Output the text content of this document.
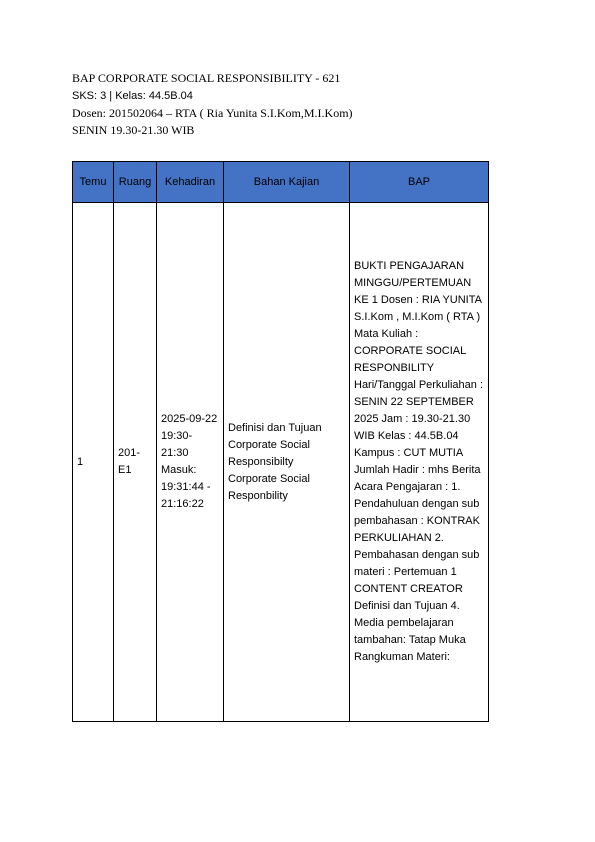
BAP CORPORATE SOCIAL RESPONSIBILITY - 621
SKS: 3 | Kelas: 44.5B.04
Dosen: 201502064 – RTA ( Ria Yunita S.I.Kom,M.I.Kom)
SENIN 19.30-21.30 WIB
Temu	Ruang	Kehadiran	Bahan Kajian	BAP
1	201-E1	2025-09-22 19:30-21:30 Masuk: 19:31:44 - 21:16:22	Definisi dan Tujuan Corporate Social Responsibilty Corporate Social Responbility	BUKTI PENGAJARAN MINGGU/PERTEMUAN KE 1 Dosen : RIA YUNITA S.I.Kom , M.I.Kom ( RTA ) Mata Kuliah : CORPORATE SOCIAL RESPONBILITY Hari/Tanggal Perkuliahan : SENIN 22 SEPTEMBER 2025 Jam : 19.30-21.30 WIB Kelas : 44.5B.04 Kampus : CUT MUTIA Jumlah Hadir : mhs Berita Acara Pengajaran : 1. Pendahuluan dengan sub pembahasan : KONTRAK PERKULIAHAN 2. Pembahasan dengan sub materi : Pertemuan 1 CONTENT CREATOR Definisi dan Tujuan 4. Media pembelajaran tambahan: Tatap Muka Rangkuman Materi:
